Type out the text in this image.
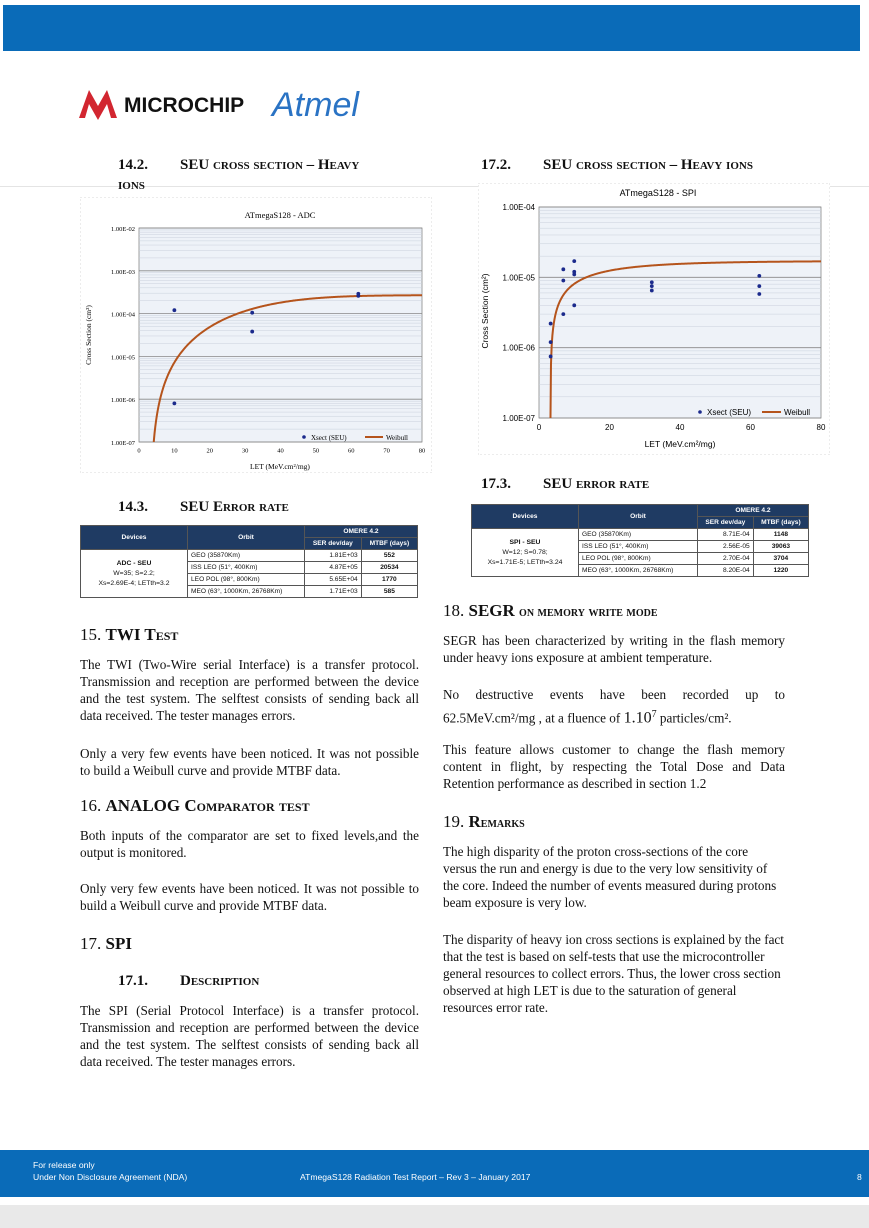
MICROCHIP Atmel
14.2. SEU cross section – Heavy
ions
ATmegaS128 - ADC
1.00E-02
1.00E-03
1.00E-04
1.00E-05
1.00E-06
1.00E-07
0	10	20	30	40	50	60	70	80
Cross Section (cm²)
LET (MeV.cm²/mg)
Xsect (SEU)	Weibull
14.3. SEU Error rate
Devices	Orbit	OMERE 4.2	
		SER dev/day	MTBF (days)
ADC - SEU
W=35; S=2.2;
Xs=2.69E-4; LETth=3.2	GEO (35870Km)	1.81E+03	552
	ISS LEO (51°, 400Km)	4.87E+05	20534
	LEO POL (98°, 800Km)	5.65E+04	1770
	MEO (63°, 1000Km, 26768Km)	1.71E+03	585
15. TWI Test

The TWI (Two-Wire serial Interface) is a transfer protocol. Transmission and reception are performed between the device and the test system. The selftest consists of sending back all data received. The tester manages errors.

Only a very few events have been noticed. It was not possible to build a Weibull curve and provide MTBF data.

16. ANALOG Comparator test

Both inputs of the comparator are set to fixed levels,and the output is monitored.

Only very few events have been noticed. It was not possible to build a Weibull curve and provide MTBF data.

17. SPI
17.1. Description

The SPI (Serial Protocol Interface) is a transfer protocol. Transmission and reception are performed between the device and the test system. The selftest consists of sending back all data received. The tester manages errors.

17.2. SEU cross section – Heavy ions
ATmegaS128 - SPI
1.00E-04
1.00E-05
1.00E-06
1.00E-07
0	20	40	60	80
Cross Section (cm²)
LET (MeV.cm²/mg)
Xsect (SEU)	Weibull
17.3. SEU error rate
Devices	Orbit	OMERE 4.2	
		SER dev/day	MTBF (days)
SPI - SEU
W=12; S=0.78;
Xs=1.71E-5; LETth=3.24	GEO (35870Km)	8.71E-04	1148
	ISS LEO (51°, 400Km)	2.56E-05	39063
	LEO POL (98°, 800Km)	2.70E-04	3704
	MEO (63°, 1000Km, 26768Km)	8.20E-04	1220
18. SEGR on memory write mode

SEGR has been characterized by writing in the flash memory under heavy ions exposure at ambient temperature.

No destructive events have been recorded up to 62.5MeV.cm²/mg , at a fluence of 1.10$^7$ particles/cm².

This feature allows customer to change the flash memory content in flight, by respecting the Total Dose and Data Retention performance as described in section 1.2

19. Remarks

The high disparity of the proton cross-sections of the core versus the run and energy is due to the very low sensitivity of the core. Indeed the number of events measured during protons beam exposure is very low.

The disparity of heavy ion cross sections is explained by the fact that the test is based on self-tests that use the microcontroller general resources to collect errors. Thus, the lower cross section observed at high LET is due to the saturation of general resources error rate.

For release only
Under Non Disclosure Agreement (NDA)	ATmegaS128 Radiation Test Report – Rev 3 – January 2017	8
